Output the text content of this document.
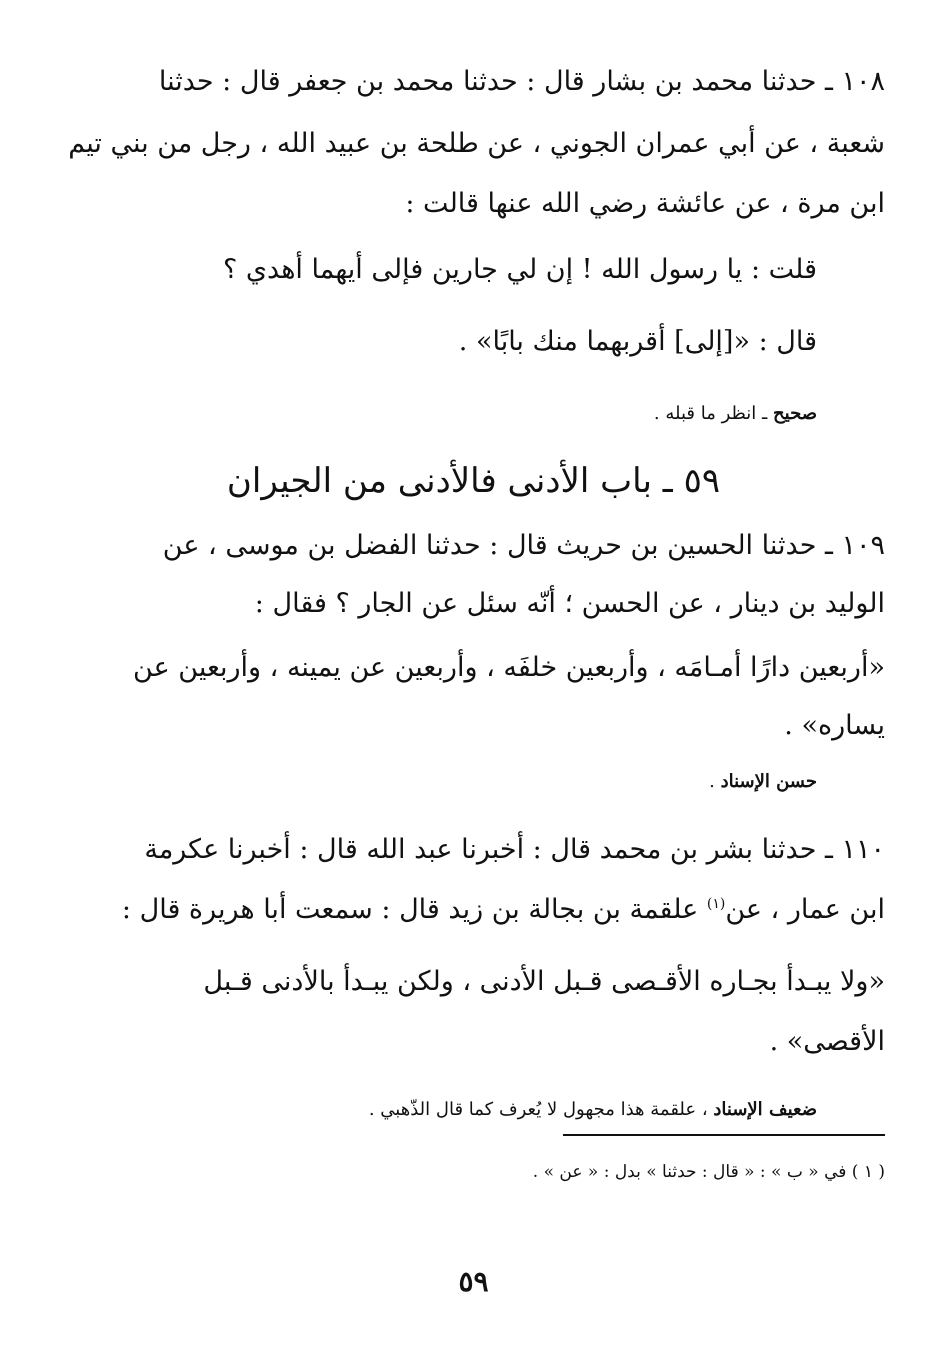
١٠٨ ـ حدثنا محمد بن بشار قال : حدثنا محمد بن جعفر قال : حدثنا
شعبة ، عن أبي عمران الجوني ، عن طلحة بن عبيد الله ، رجل من بني تيم
ابن مرة ، عن عائشة رضي الله عنها قالت :
قلت : يا رسول الله ! إن لي جارين فإلى أيهما أهدي ؟
قال : «[إلى] أقربهما منك بابًا» .
صحيح ـ انظر ما قبله .
٥٩ ـ باب الأدنى فالأدنى من الجيران
١٠٩ ـ حدثنا الحسين بن حريث قال : حدثنا الفضل بن موسى ، عن
الوليد بن دينار ، عن الحسن ؛ أنّه سئل عن الجار ؟ فقال :
«أربعين دارًا أمـامَه ، وأربعين خلفَه ، وأربعين عن يمينه ، وأربعين عن
يساره» .
حسن الإسناد .
١١٠ ـ حدثنا بشر بن محمد قال : أخبرنا عبد الله قال : أخبرنا عكرمة
ابن عمار ، عن$^{(١)}$ علقمة بن بجالة بن زيد قال : سمعت أبا هريرة قال :
«ولا يبـدأ بجـاره الأقـصى قـبل الأدنى ، ولكن يبـدأ بالأدنى قـبل
الأقصى» .
ضعيف الإسناد ، علقمة هذا مجهول لا يُعرف كما قال الذّهبي .
( ١ ) في « ب » : « قال : حدثنا » بدل : « عن » .
٥٩
